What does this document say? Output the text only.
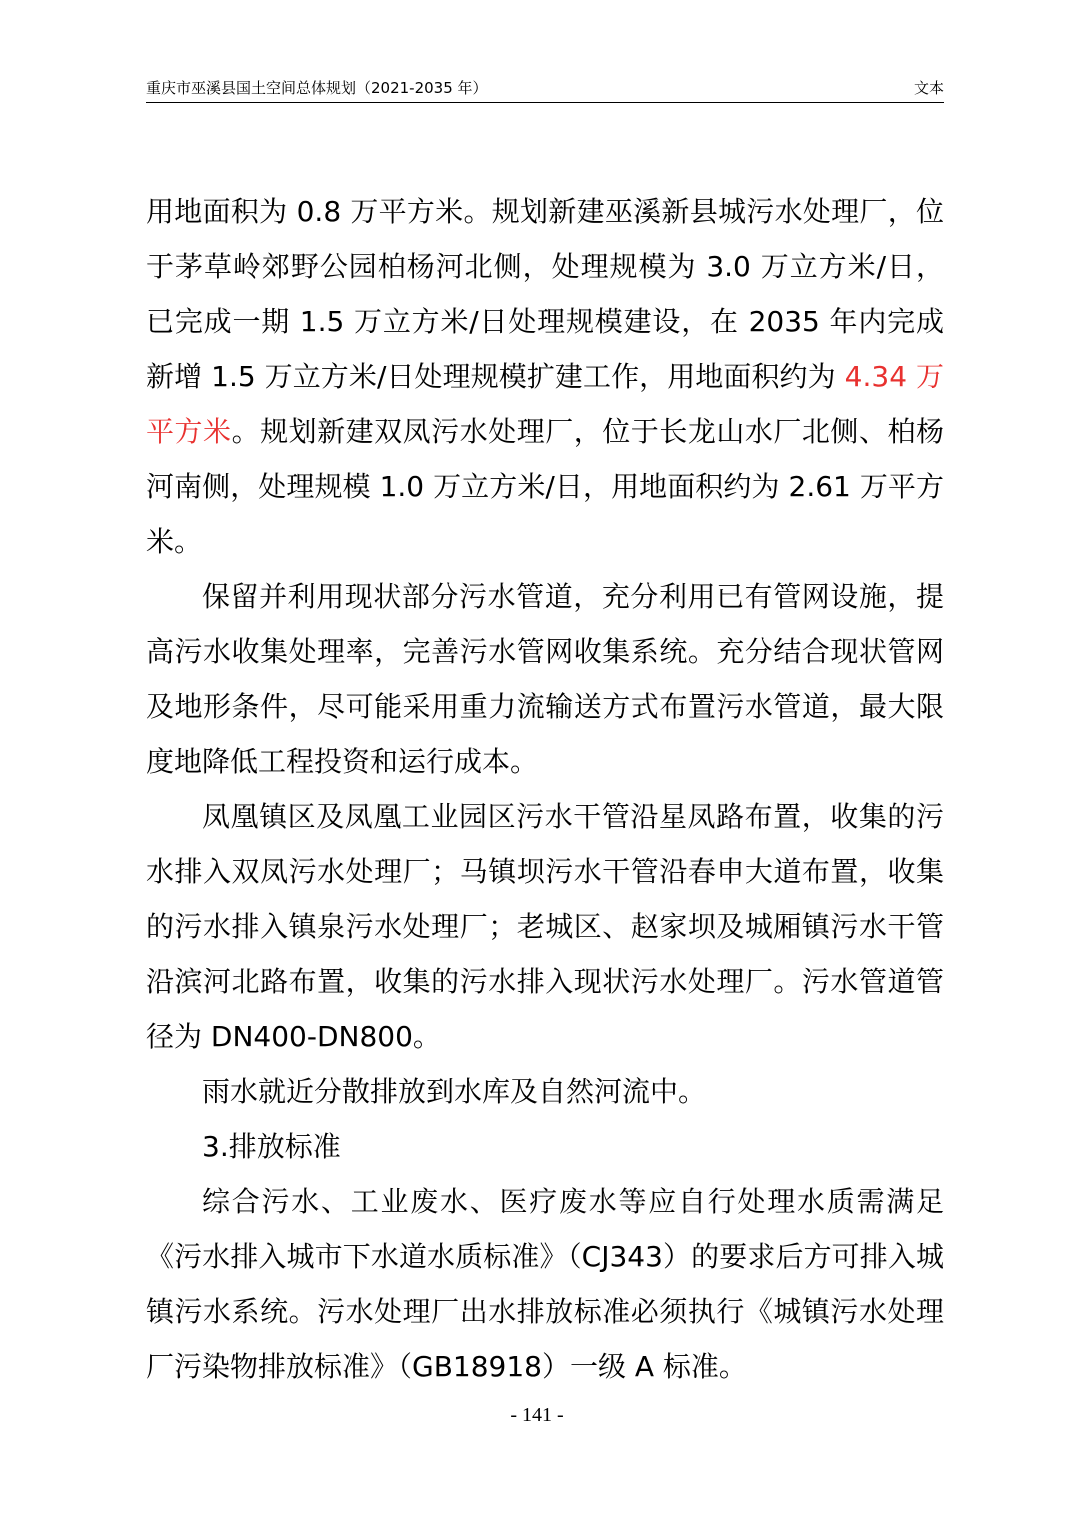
重庆市巫溪县国土空间总体规划（2021-2035 年）	文本

用地面积为 0.8 万平方米。规划新建巫溪新县城污水处理厂，位于茅草岭郊野公园柏杨河北侧，处理规模为 3.0 万立方米/日，已完成一期 1.5 万立方米/日处理规模建设，在 2035 年内完成新增 1.5 万立方米/日处理规模扩建工作，用地面积约为 4.34 万平方米。规划新建双凤污水处理厂，位于长龙山水厂北侧、柏杨河南侧，处理规模 1.0 万立方米/日，用地面积约为 2.61 万平方米。

保留并利用现状部分污水管道，充分利用已有管网设施，提高污水收集处理率，完善污水管网收集系统。充分结合现状管网及地形条件，尽可能采用重力流输送方式布置污水管道，最大限度地降低工程投资和运行成本。

凤凰镇区及凤凰工业园区污水干管沿星凤路布置，收集的污水排入双凤污水处理厂；马镇坝污水干管沿春申大道布置，收集的污水排入镇泉污水处理厂；老城区、赵家坝及城厢镇污水干管沿滨河北路布置，收集的污水排入现状污水处理厂。污水管道管径为 DN400-DN800。

雨水就近分散排放到水库及自然河流中。

3.排放标准

综合污水、工业废水、医疗废水等应自行处理水质需满足《污水排入城市下水道水质标准》（CJ343）的要求后方可排入城镇污水系统。污水处理厂出水排放标准必须执行《城镇污水处理厂污染物排放标准》（GB18918）一级 A 标准。

- 141 -
